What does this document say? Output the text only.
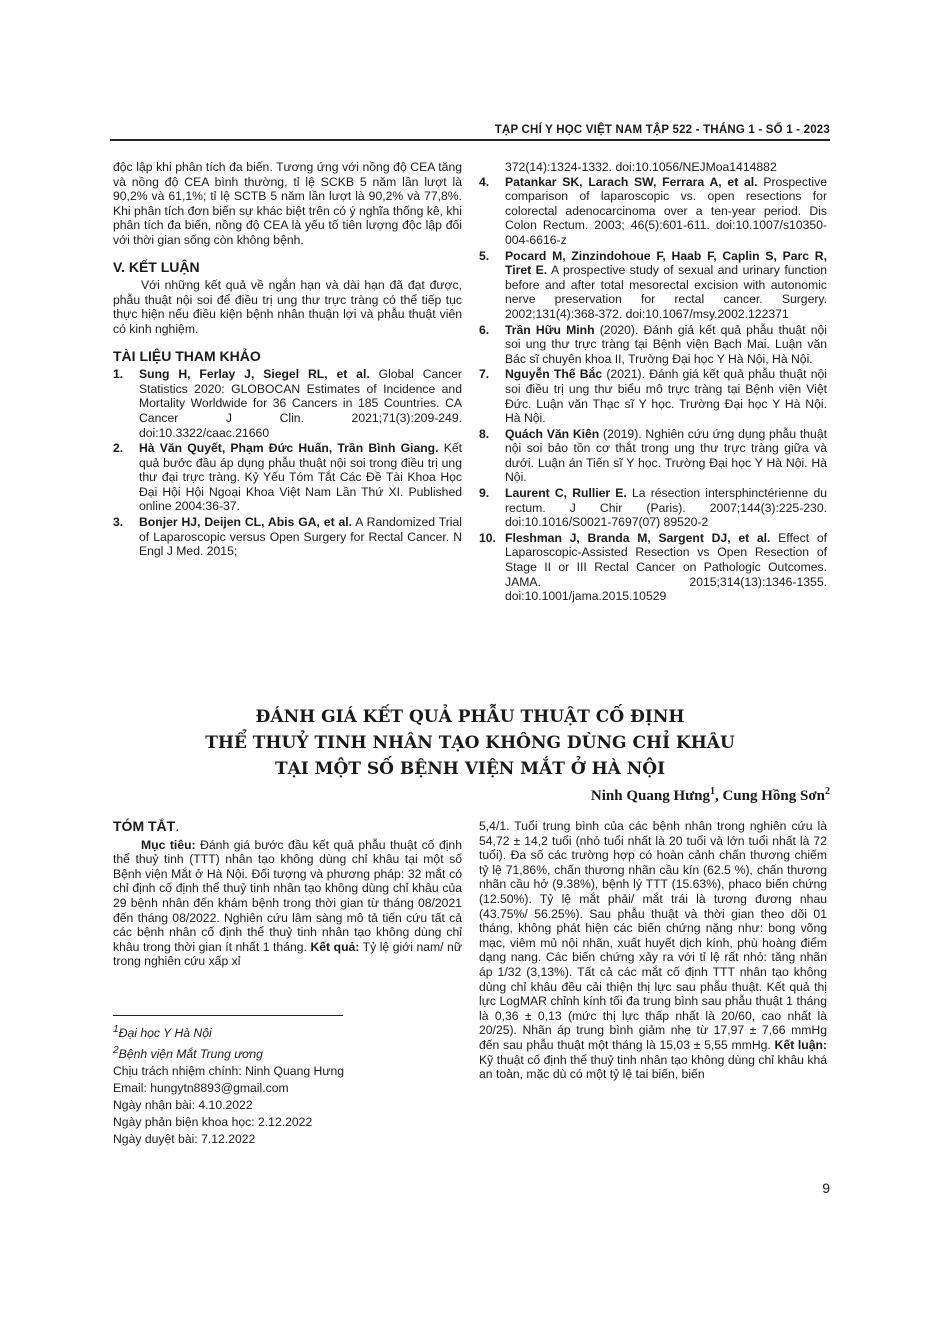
TẠP CHÍ Y HỌC VIỆT NAM TẬP 522 - THÁNG 1 - SỐ 1 - 2023

độc lập khi phân tích đa biến. Tương ứng với nồng độ CEA tăng và nồng độ CEA bình thường, tỉ lệ SCKB 5 năm lần lượt là 90,2% và 61,1%; tỉ lệ SCTB 5 năm lần lượt là 90,2% và 77,8%. Khi phân tích đơn biến sự khác biệt trên có ý nghĩa thống kê, khi phân tích đa biến, nồng độ CEA là yếu tố tiên lượng độc lập đối với thời gian sống còn không bệnh.

V. KẾT LUẬN

Với những kết quả về ngắn hạn và dài hạn đã đạt được, phẫu thuật nội soi để điều trị ung thư trực tràng có thể tiếp tục thực hiện nếu điều kiện bệnh nhân thuận lợi và phẫu thuật viên có kinh nghiệm.

TÀI LIỆU THAM KHẢO
1.	Sung H, Ferlay J, Siegel RL, et al. Global Cancer Statistics 2020: GLOBOCAN Estimates of Incidence and Mortality Worldwide for 36 Cancers in 185 Countries. CA Cancer J Clin. 2021;71(3):209-249. doi:10.3322/caac.21660
2.	Hà Văn Quyết, Phạm Đức Huấn, Trần Bình Giang. Kết quả bước đầu áp dụng phẫu thuật nội soi trong điều trị ung thư đại trực tràng. Kỷ Yếu Tóm Tắt Các Đề Tài Khoa Học Đại Hội Hội Ngoại Khoa Việt Nam Lần Thứ XI. Published online 2004:36-37.
3.	Bonjer HJ, Deijen CL, Abis GA, et al. A Randomized Trial of Laparoscopic versus Open Surgery for Rectal Cancer. N Engl J Med. 2015;
372(14):1324-1332. doi:10.1056/NEJMoa1414882
4.	Patankar SK, Larach SW, Ferrara A, et al. Prospective comparison of laparoscopic vs. open resections for colorectal adenocarcinoma over a ten-year period. Dis Colon Rectum. 2003; 46(5):601-611. doi:10.1007/s10350-004-6616-z
5.	Pocard M, Zinzindohoue F, Haab F, Caplin S, Parc R, Tiret E. A prospective study of sexual and urinary function before and after total mesorectal excision with autonomic nerve preservation for rectal cancer. Surgery. 2002;131(4):368-372. doi:10.1067/msy.2002.122371
6.	Trần Hữu Minh (2020). Đánh giá kết quả phẫu thuật nội soi ung thư trực tràng tại Bệnh viện Bạch Mai. Luận văn Bác sĩ chuyên khoa II, Trường Đại học Y Hà Nội, Hà Nội.
7.	Nguyễn Thế Bắc (2021). Đánh giá kết quả phẫu thuật nội soi điều trị ung thư biểu mô trực tràng tại Bệnh viện Việt Đức. Luận văn Thạc sĩ Y học. Trường Đại học Y Hà Nội. Hà Nội.
8.	Quách Văn Kiên (2019). Nghiên cứu ứng dụng phẫu thuật nội soi bảo tồn cơ thắt trong ung thư trực tràng giữa và dưới. Luận án Tiến sĩ Y học. Trường Đại học Y Hà Nội. Hà Nội.
9.	Laurent C, Rullier E. La résection intersphinctérienne du rectum. J Chir (Paris). 2007;144(3):225-230. doi:10.1016/S0021-7697(07) 89520-2
10. Fleshman J, Branda M, Sargent DJ, et al. Effect of Laparoscopic-Assisted Resection vs Open Resection of Stage II or III Rectal Cancer on Pathologic Outcomes. JAMA. 2015;314(13):1346-1355. doi:10.1001/jama.2015.10529
ĐÁNH GIÁ KẾT QUẢ PHẪU THUẬT CỐ ĐỊNH
THỂ THUỶ TINH NHÂN TẠO KHÔNG DÙNG CHỈ KHÂU
TẠI MỘT SỐ BỆNH VIỆN MẮT Ở HÀ NỘI
Ninh Quang Hưng$^1$, Cung Hồng Sơn$^2$
TÓM TẮT.

Mục tiêu: Đánh giá bước đầu kết quả phẫu thuật cố định thể thuỷ tinh (TTT) nhân tạo không dùng chỉ khâu tại một số Bệnh viện Mắt ở Hà Nội. Đối tượng và phương pháp: 32 mắt có chỉ định cố định thể thuỷ tinh nhân tạo không dùng chỉ khâu của 29 bệnh nhân đến khám bệnh trong thời gian từ tháng 08/2021 đến tháng 08/2022. Nghiên cứu lâm sàng mô tả tiến cứu tất cả các bệnh nhân cố định thể thuỷ tinh nhân tạo không dùng chỉ khâu trong thời gian ít nhất 1 tháng. Kết quả: Tỷ lệ giới nam/ nữ trong nghiên cứu xấp xỉ

5,4/1. Tuổi trung bình của các bệnh nhân trong nghiên cứu là 54,72 ± 14,2 tuổi (nhỏ tuổi nhất là 20 tuổi và lớn tuổi nhất là 72 tuổi). Đa số các trường hợp có hoàn cảnh chấn thương chiếm tỷ lệ 71,86%, chấn thương nhãn cầu kín (62.5 %), chấn thương nhãn cầu hở (9.38%), bệnh lý TTT (15.63%), phaco biến chứng (12.50%). Tỷ lệ mắt phải/ mắt trái là tương đương nhau (43.75%/ 56.25%). Sau phẫu thuật và thời gian theo dõi 01 tháng, không phát hiện các biến chứng nặng như: bong võng mạc, viêm mủ nội nhãn, xuất huyết dịch kính, phù hoàng điểm dạng nang. Các biến chứng xảy ra với tỉ lệ rất nhỏ: tăng nhãn áp 1/32 (3,13%). Tất cả các mắt cố định TTT nhân tạo không dùng chỉ khâu đều cải thiện thị lực sau phẫu thuật. Kết quả thị lực LogMAR chỉnh kính tối đa trung bình sau phẫu thuật 1 tháng là 0,36 ± 0,13 (mức thị lực thấp nhất là 20/60, cao nhất là 20/25). Nhãn áp trung bình giảm nhẹ từ 17,97 ± 7,66 mmHg đến sau phẫu thuật một tháng là 15,03 ± 5,55 mmHg. Kết luận: Kỹ thuật cố định thể thuỷ tinh nhân tạo không dùng chỉ khâu khá an toàn, mặc dù có một tỷ lệ tai biến, biến

$^1$Đại học Y Hà Nội
$^2$Bệnh viện Mắt Trung ương
Chịu trách nhiệm chính: Ninh Quang Hưng
Email: hungytn8893@gmail.com
Ngày nhận bài: 4.10.2022
Ngày phản biện khoa học: 2.12.2022
Ngày duyệt bài: 7.12.2022
9
